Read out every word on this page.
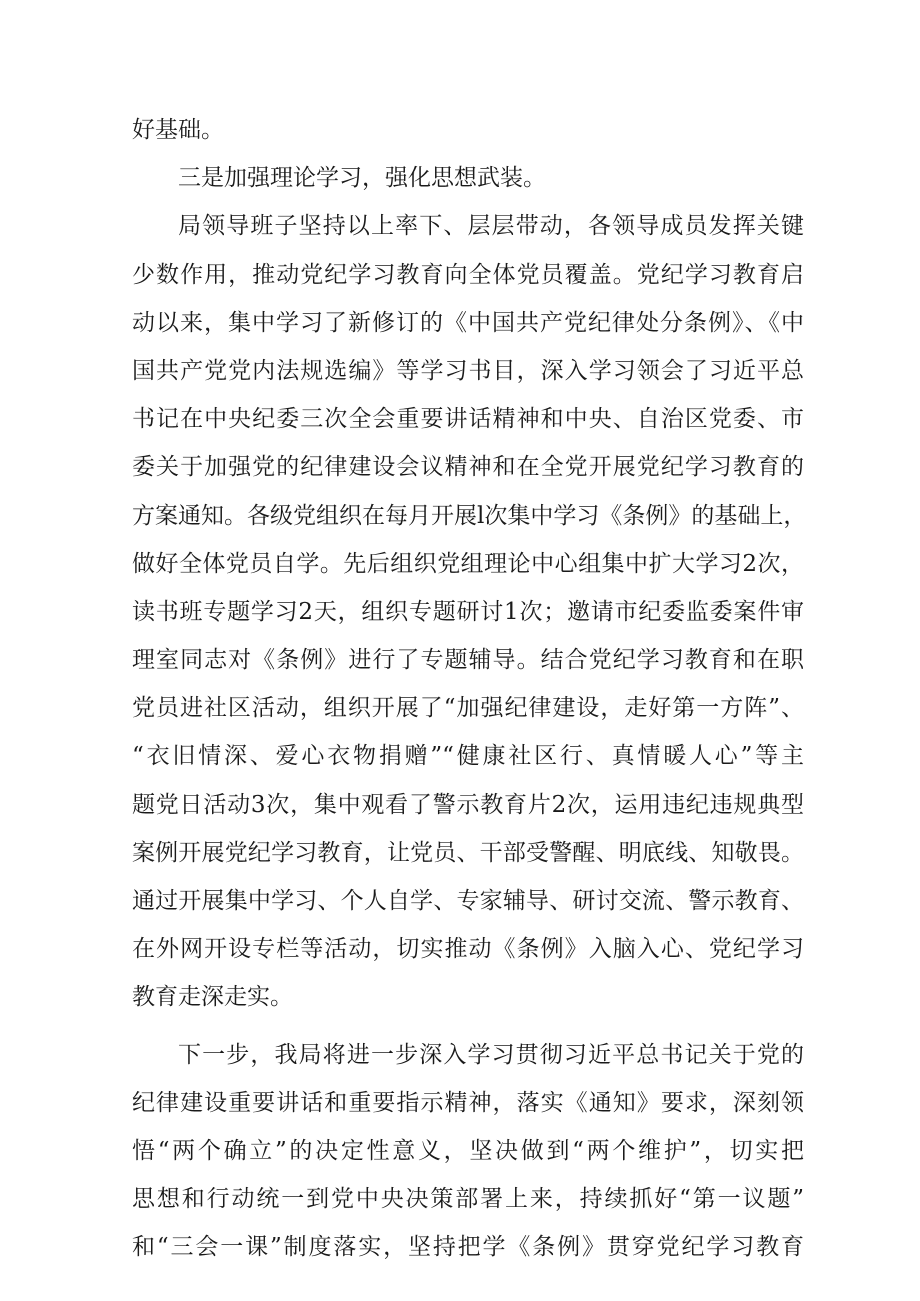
好基础。
三是加强理论学习，强化思想武装。
局领导班子坚持以上率下、层层带动，各领导成员发挥关键
少数作用，推动党纪学习教育向全体党员覆盖。党纪学习教育启
动以来，集中学习了新修订的《中国共产党纪律处分条例》、《中
国共产党党内法规选编》等学习书目，深入学习领会了习近平总
书记在中央纪委三次全会重要讲话精神和中央、自治区党委、市
委关于加强党的纪律建设会议精神和在全党开展党纪学习教育的
方案通知。各级党组织在每月开展l次集中学习《条例》的基础上，
做好全体党员自学。先后组织党组理论中心组集中扩大学习2次，
读书班专题学习2天，组织专题研讨1次；邀请市纪委监委案件审
理室同志对《条例》进行了专题辅导。结合党纪学习教育和在职
党员进社区活动，组织开展了“加强纪律建设，走好第一方阵”、
“衣旧情深、爱心衣物捐赠”“健康社区行、真情暖人心”等主
题党日活动3次，集中观看了警示教育片2次，运用违纪违规典型
案例开展党纪学习教育，让党员、干部受警醒、明底线、知敬畏。
通过开展集中学习、个人自学、专家辅导、研讨交流、警示教育、
在外网开设专栏等活动，切实推动《条例》入脑入心、党纪学习
教育走深走实。
下一步，我局将进一步深入学习贯彻习近平总书记关于党的
纪律建设重要讲话和重要指示精神，落实《通知》要求，深刻领
悟“两个确立”的决定性意义，坚决做到“两个维护”，切实把
思想和行动统一到党中央决策部署上来，持续抓好“第一议题”
和“三会一课”制度落实，坚持把学《条例》贯穿党纪学习教育
